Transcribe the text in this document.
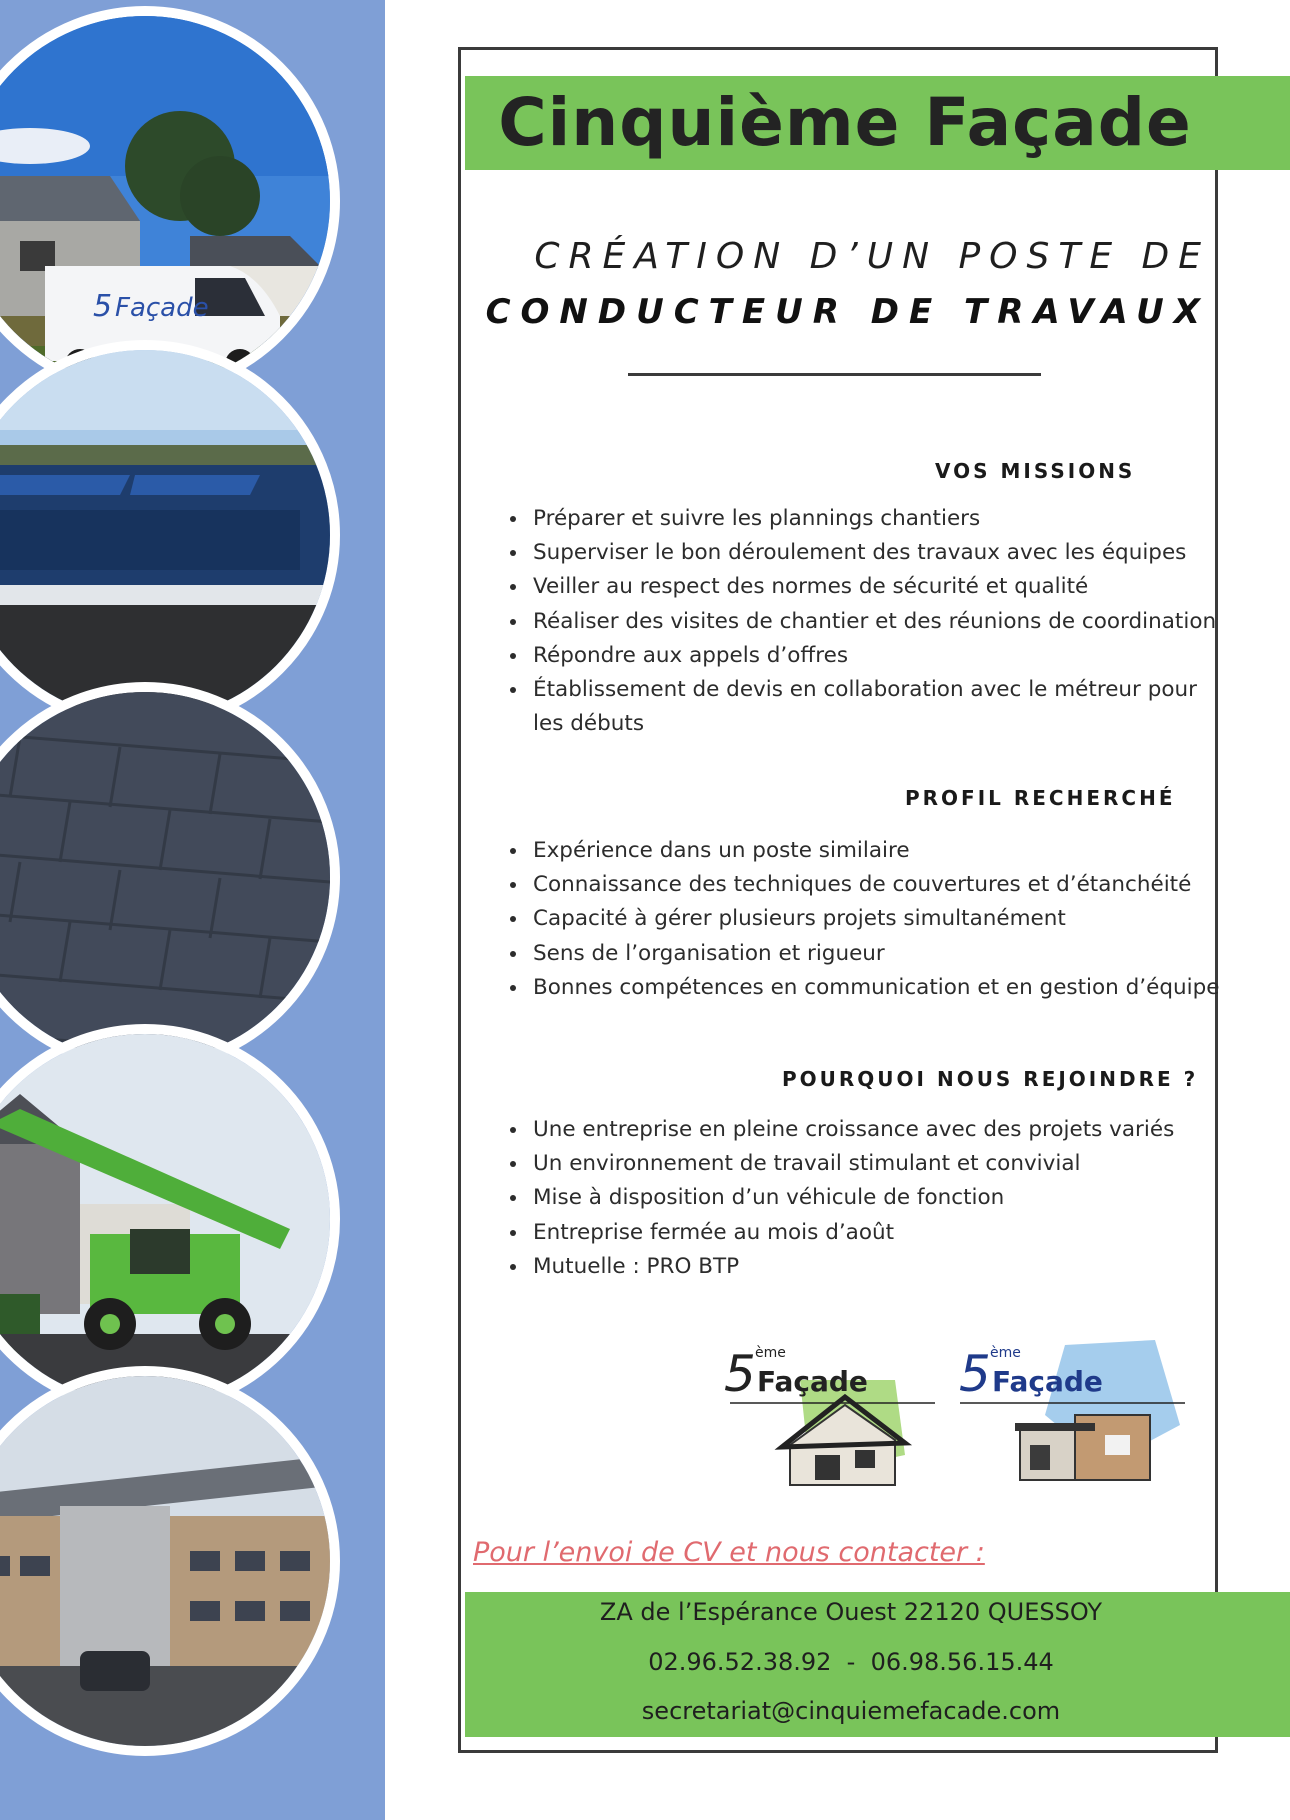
Façade
5
Cinquième Façade
CRÉATION D’UN POSTE DE
CONDUCTEUR DE TRAVAUX
VOS MISSIONS
• Préparer et suivre les plannings chantiers
• Superviser le bon déroulement des travaux avec les équipes
• Veiller au respect des normes de sécurité et qualité
• Réaliser des visites de chantier et des réunions de coordination
• Répondre aux appels d’offres
• Établissement de devis en collaboration avec le métreur pour les débuts
PROFIL RECHERCHÉ
• Expérience dans un poste similaire
• Connaissance des techniques de couvertures et d’étanchéité
• Capacité à gérer plusieurs projets simultanément
• Sens de l’organisation et rigueur
• Bonnes compétences en communication et en gestion d’équipe
POURQUOI NOUS REJOINDRE ?
• Une entreprise en pleine croissance avec des projets variés
• Un environnement de travail stimulant et convivial
• Mise à disposition d’un véhicule de fonction
• Entreprise fermée au mois d’août
• Mutuelle : PRO BTP
5 ème
Façade 5 ème
Façade
Pour l’envoi de CV et nous contacter :
ZA de l’Espérance Ouest 22120 QUESSOY
02.96.52.38.92  -  06.98.56.15.44
secretariat@cinquiemefacade.com
